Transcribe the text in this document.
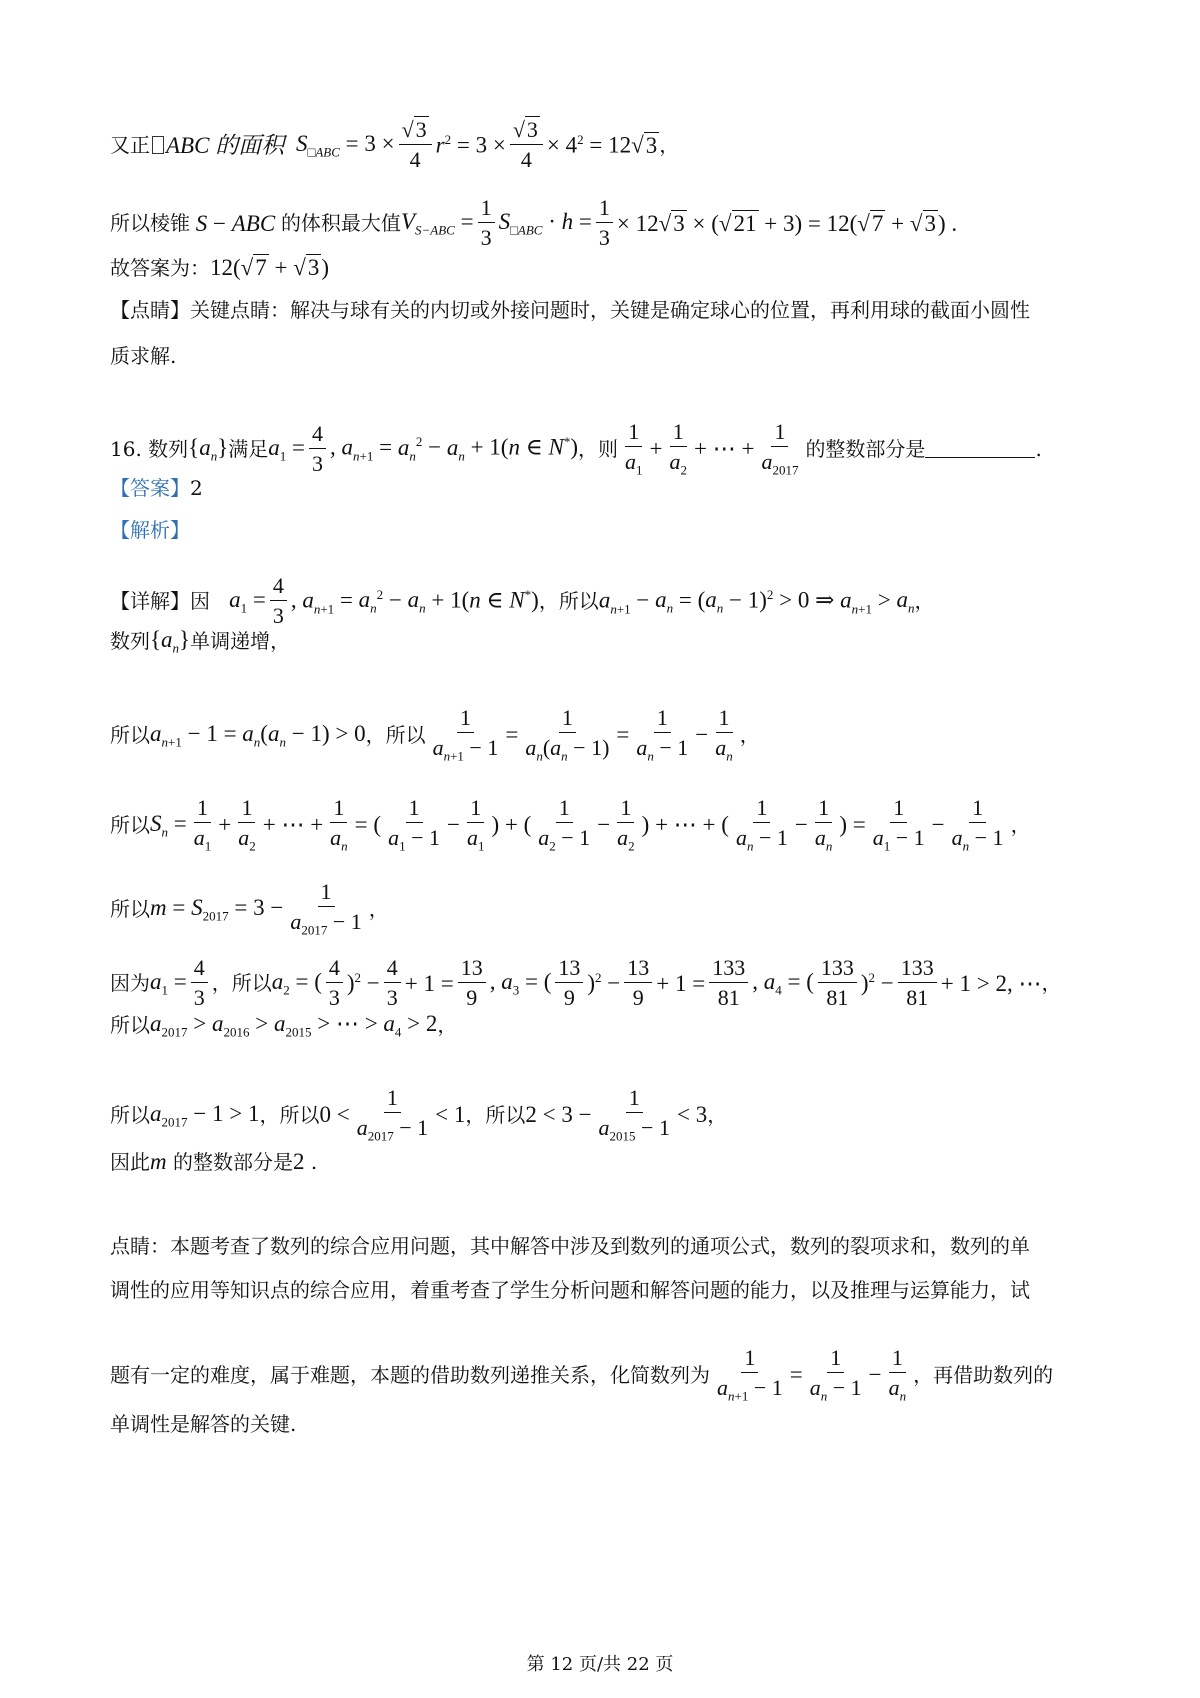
又正 ABC 的面积 $S_{□ABC} = 3 \times \frac{√3}{4} r^2 = 3 \times \frac{√3}{4} \times 4^2 = 12√3$ ，
所以棱锥 S − ABC 的体积最大值 $V_{S-ABC} = \frac{1}{3} S_{□ABC} \cdot h = \frac{1}{3} \times 12√3 \times (√21 + 3) = 12(√7 + √3)$ .
故答案为： 12(√7 + √3)
【点睛】关键点睛：解决与球有关的内切或外接问题时，关键是确定球心的位置，再利用球的截面小圆性
质求解.
16. 数列 $\{a_n\}$ 满足 $a_1 = \frac{4}{3}$ , $a_{n+1} = a_n^2 - a_n + 1(n$ ∈ N*) ，则 $\frac{1}{a_1} + \frac{1}{a_2}$ + ⋯ + $\frac{1}{a_{2017}}$ 的整数部分是	.
【答案】 2
【解析】
【详解】因
$a_1 = \frac{4}{3}$ , $a_{n+1} = a_n^2 - a_n + 1(n$ ∈ N*) ， 所以 $a_{n+1} - a_n = (a_n - 1)^2 > 0$ ⇒ $a_{n+1} > a_n$ ，
数列 $\{a_n\}$ 单调递增，
所以 $a_{n+1} - 1 = a_n(a_n - 1) > 0$ ， 所以 $\frac{1}{a_{n+1} - 1} = \frac{1}{a_n(a_n - 1)} = \frac{1}{a_n - 1} - \frac{1}{a_n}$ ，
所以 $S_n = \frac{1}{a_1} + \frac{1}{a_2}$ + ⋯ + $\frac{1}{a_n}$ = ( $\frac{1}{a_1 - 1} - \frac{1}{a_1}$ ) + ( $\frac{1}{a_2 - 1} - \frac{1}{a_2}$ ) + ⋯ + ( $\frac{1}{a_n - 1} - \frac{1}{a_n}$ ) = $\frac{1}{a_1 - 1} - \frac{1}{a_n - 1}$ ，
所以 $m = S_{2017} = 3 - \frac{1}{a_{2017} - 1}$ ，
因为 $a_1 = \frac{4}{3}$ ， 所以 $a_2$ = ( $\frac{4}{3} )^2 - \frac{4}{3} + 1 = \frac{13}{9}$ , $a_3$ = ( $\frac{13}{9} )^2 - \frac{13}{9} + 1 = \frac{133}{81}$ , $a_4$ = ( $\frac{133}{81} )^2 - \frac{133}{81} + 1 > 2$, ⋯ ，
所以 $a_{2017} > a_{2016} > a_{2015}$ > ⋯ > $a_4 > 2$ ，
所以 $a_{2017} - 1 > 1$ ， 所以 $0 < \frac{1}{a_{2017} - 1} < 1$ ， 所以 $2 < 3 - \frac{1}{a_{2015} - 1} < 3$ ，
因此 m
的整数部分是 2 .
点睛：本题考查了数列的综合应用问题，其中解答中涉及到数列的通项公式，数列的裂项求和，数列的单
调性的应用等知识点的综合应用，着重考查了学生分析问题和解答问题的能力，以及推理与运算能力，试
题有一定的难度，属于难题，本题的借助数列递推关系，化简数列为 $\frac{1}{a_{n+1} - 1} = \frac{1}{a_n - 1} - \frac{1}{a_n}$ ，再借助数列的
单调性是解答的关键.
第 12 页/共 22 页
